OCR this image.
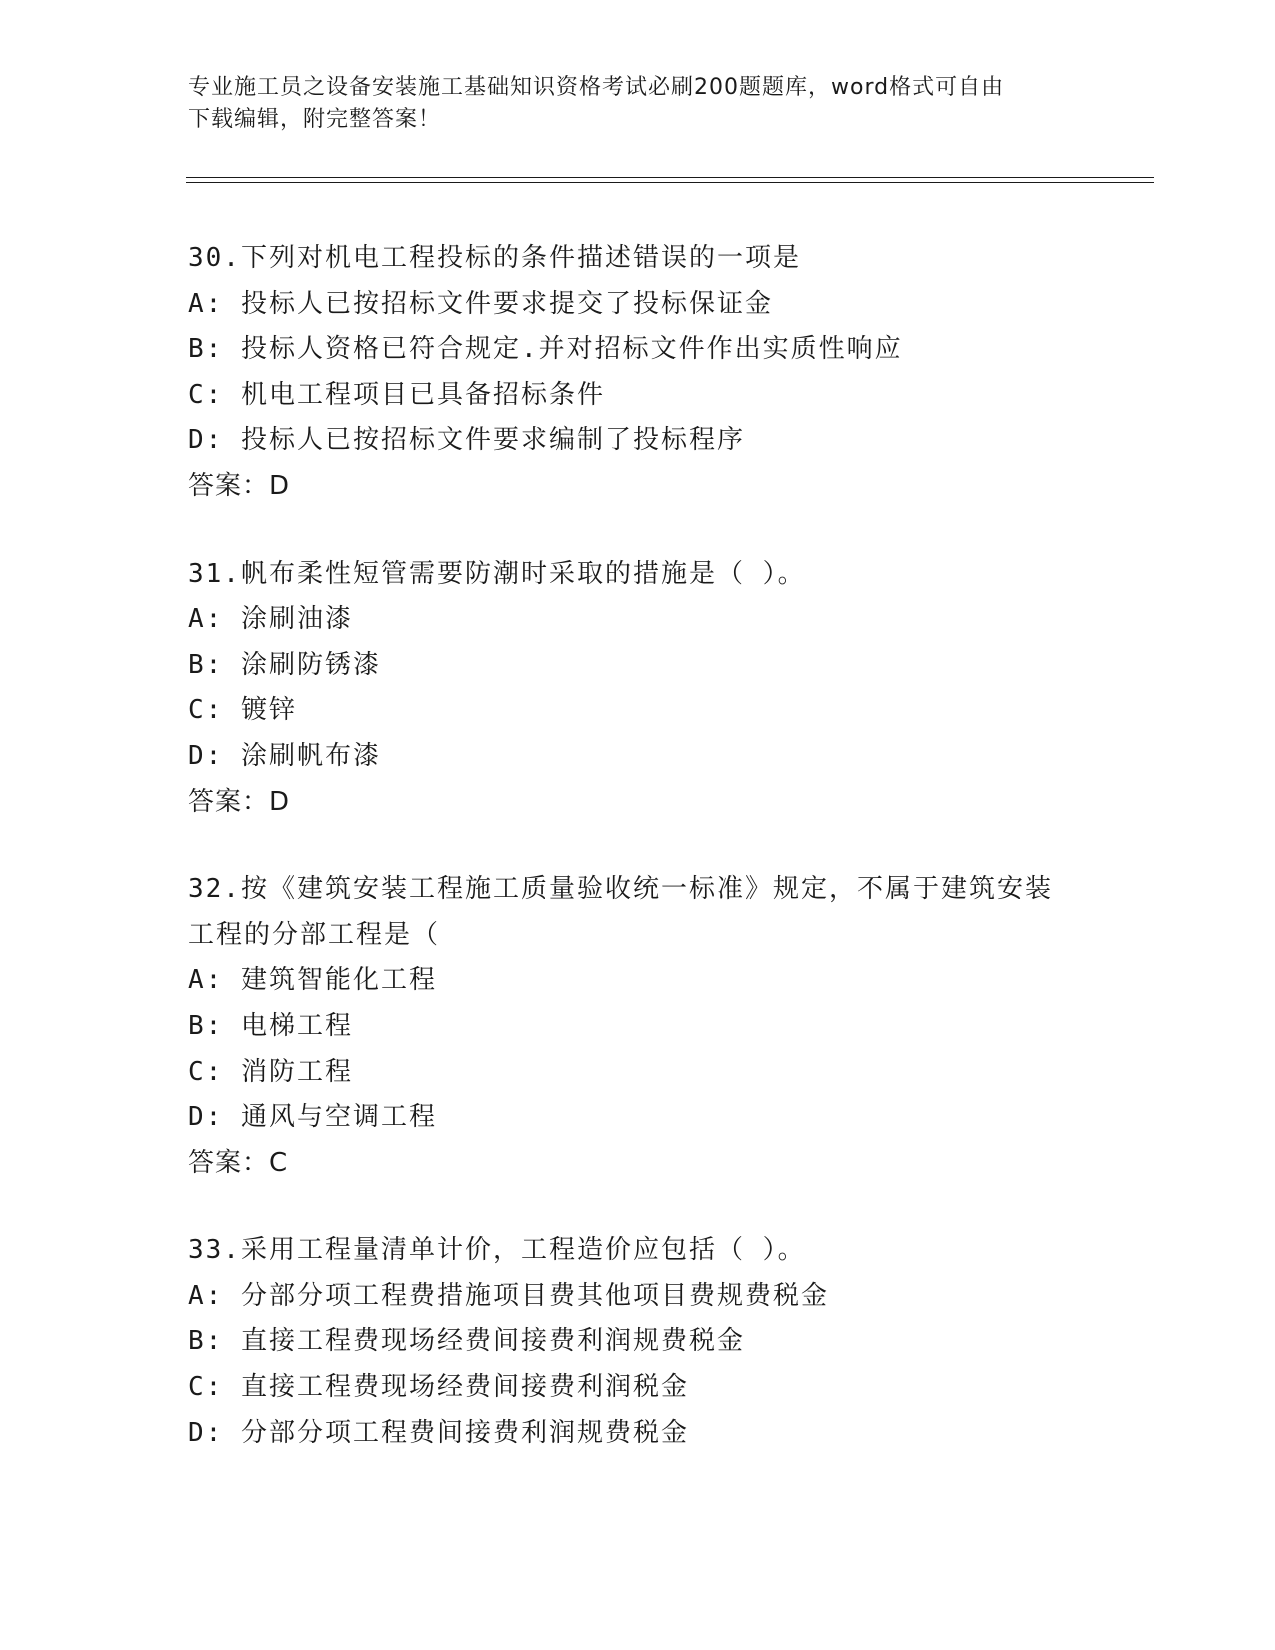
专业施工员之设备安装施工基础知识资格考试必刷200题题库，word格式可自由
下载编辑，附完整答案！
30.下列对机电工程投标的条件描述错误的一项是
A: 投标人已按招标文件要求提交了投标保证金
B: 投标人资格已符合规定.并对招标文件作出实质性响应
C: 机电工程项目已具备招标条件
D: 投标人已按招标文件要求编制了投标程序
答案：D
31.帆布柔性短管需要防潮时采取的措施是（ ）。
A: 涂刷油漆
B: 涂刷防锈漆
C: 镀锌
D: 涂刷帆布漆
答案：D
32.按《建筑安装工程施工质量验收统一标准》规定，不属于建筑安装
工程的分部工程是（
A: 建筑智能化工程
B: 电梯工程
C: 消防工程
D: 通风与空调工程
答案：C
33.采用工程量清单计价，工程造价应包括（ ）。
A: 分部分项工程费措施项目费其他项目费规费税金
B: 直接工程费现场经费间接费利润规费税金
C: 直接工程费现场经费间接费利润税金
D: 分部分项工程费间接费利润规费税金
